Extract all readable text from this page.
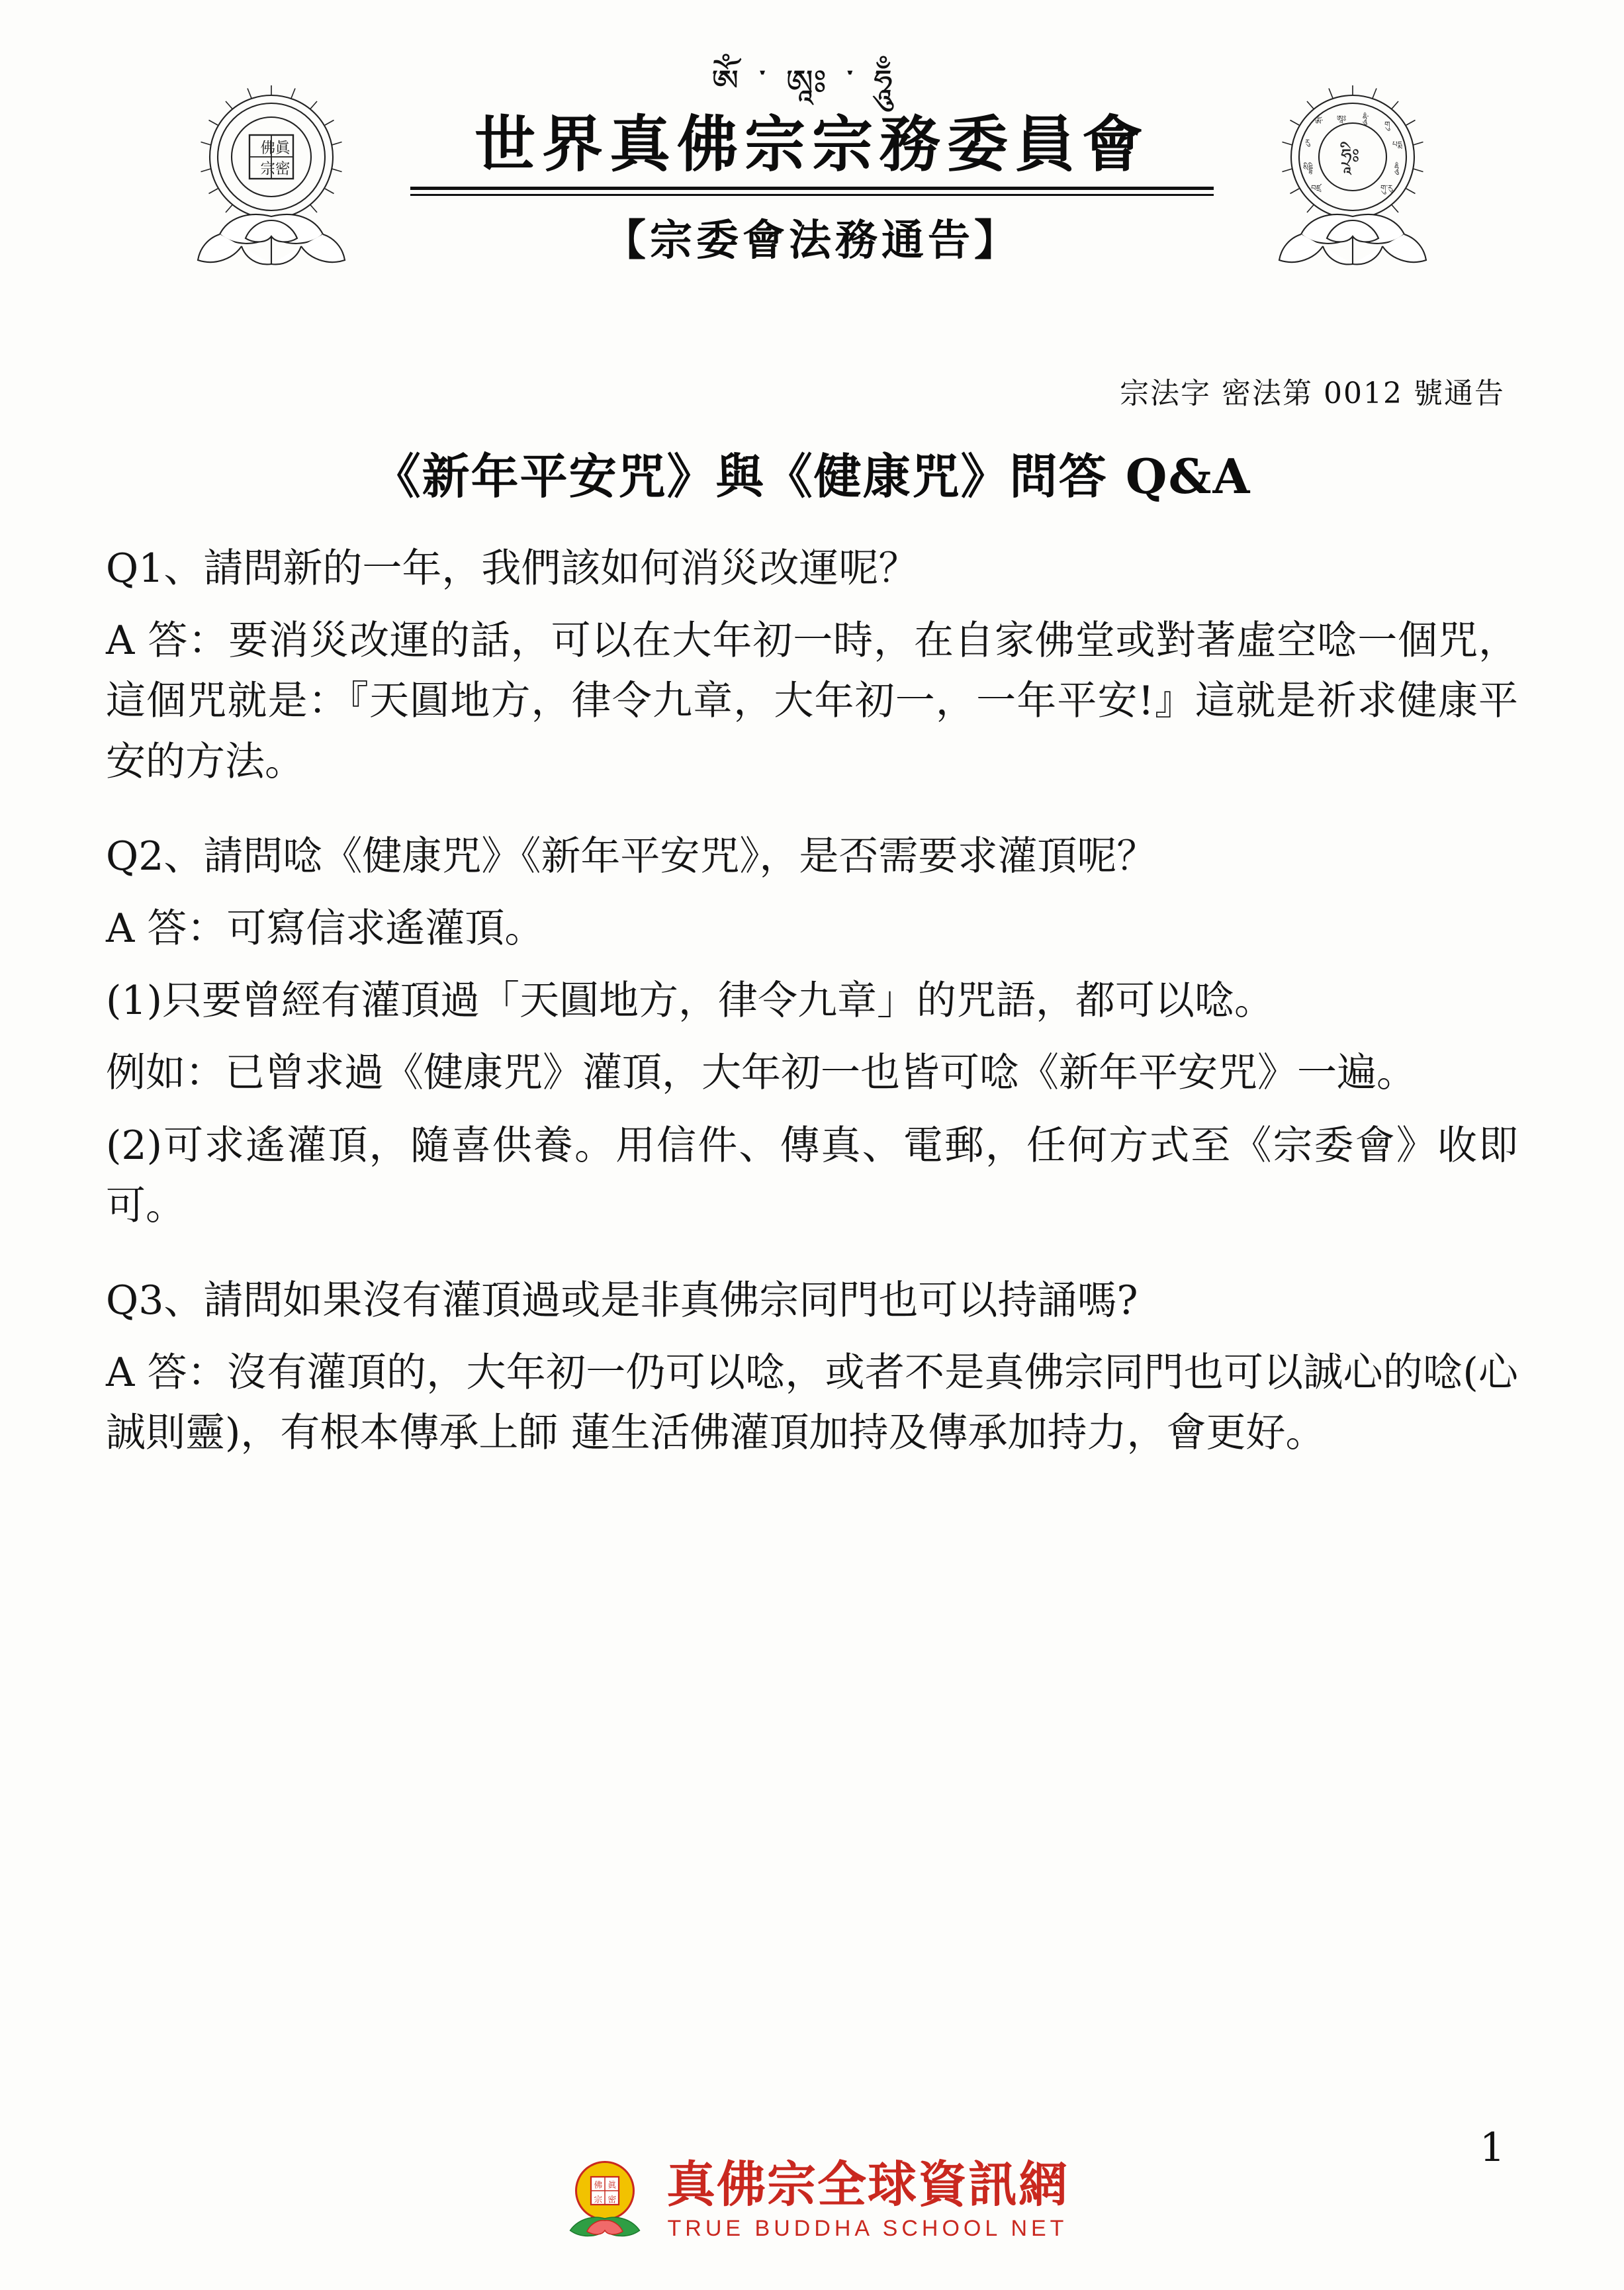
佛 眞
宗 密
ཨོཾ་	ཨཱཿ	ཧཱུྃ་
གུ
རུ	པདྨ
སིདྡྷི	ཧཱུྃ
བཛྲ	གུ་རུ
ཧྲཱིཿ
ༀ་ཨཱཿ་ཧཱུྃ
世界真佛宗宗務委員會
【宗委會法務通告】
宗法字 密法第 0012 號通告
《新年平安咒》與《健康咒》問答 Q&A

Q1、請問新的一年，我們該如何消災改運呢？

A 答：要消災改運的話，可以在大年初一時，在自家佛堂或對著虛空唸一個咒，這個咒就是：『天圓地方，律令九章，大年初一，一年平安!』這就是祈求健康平安的方法。

Q2、請問唸《健康咒》《新年平安咒》，是否需要求灌頂呢？

A 答：可寫信求遙灌頂。

(1)只要曾經有灌頂過「天圓地方，律令九章」的咒語，都可以唸。

例如：已曾求過《健康咒》灌頂，大年初一也皆可唸《新年平安咒》一遍。

(2)可求遙灌頂，隨喜供養。用信件、傳真、電郵，任何方式至《宗委會》收即可。

Q3、請問如果沒有灌頂過或是非真佛宗同門也可以持誦嗎?

A 答：沒有灌頂的，大年初一仍可以唸，或者不是真佛宗同門也可以誠心的唸(心誠則靈)，有根本傳承上師 蓮生活佛灌頂加持及傳承加持力，會更好。

1
佛 眞
宗 密 真佛宗全球資訊網
TRUE BUDDHA SCHOOL NET
